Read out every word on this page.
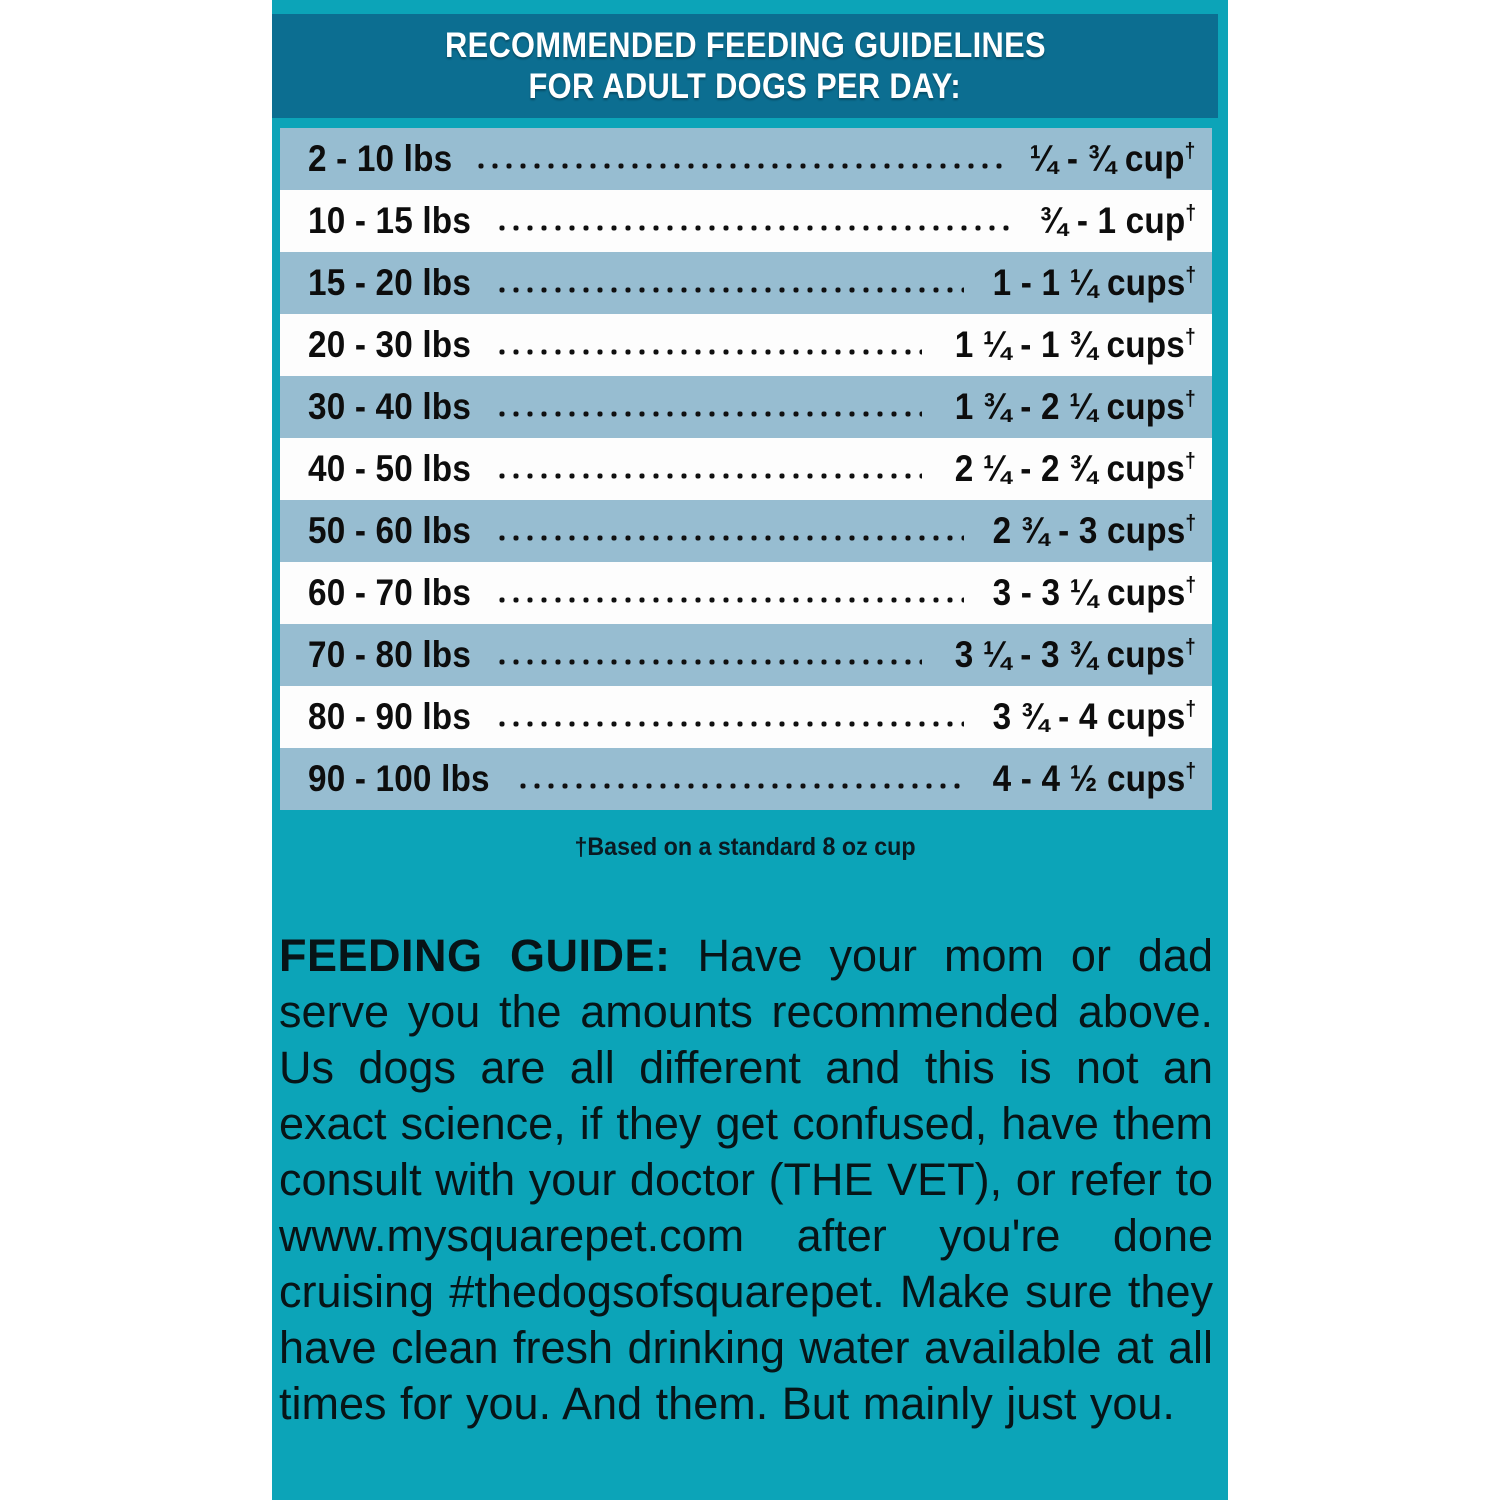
RECOMMENDED FEEDING GUIDELINES
FOR ADULT DOGS PER DAY:
2 - 10 lbs	¼ - ¾ cup†
10 - 15 lbs	¾ - 1 cup†
15 - 20 lbs	1 - 1 ¼ cups†
20 - 30 lbs	1 ¼ - 1 ¾ cups†
30 - 40 lbs	1 ¾ - 2 ¼ cups†
40 - 50 lbs	2 ¼ - 2 ¾ cups†
50 - 60 lbs	2 ¾ - 3 cups†
60 - 70 lbs	3 - 3 ¼ cups†
70 - 80 lbs	3 ¼ - 3 ¾ cups†
80 - 90 lbs	3 ¾ - 4 cups†
90 - 100 lbs	4 - 4 ½ cups†
†Based on a standard 8 oz cup
FEEDING GUIDE: Have your mom or dad serve you the amounts recommended above. Us dogs are all different and this is not an exact science, if they get confused, have them consult with your doctor (THE VET), or refer to www.mysquarepet.com after you're done cruising #thedogsofsquarepet. Make sure they have clean fresh drinking water available at all times for you. And them. But mainly just you.
